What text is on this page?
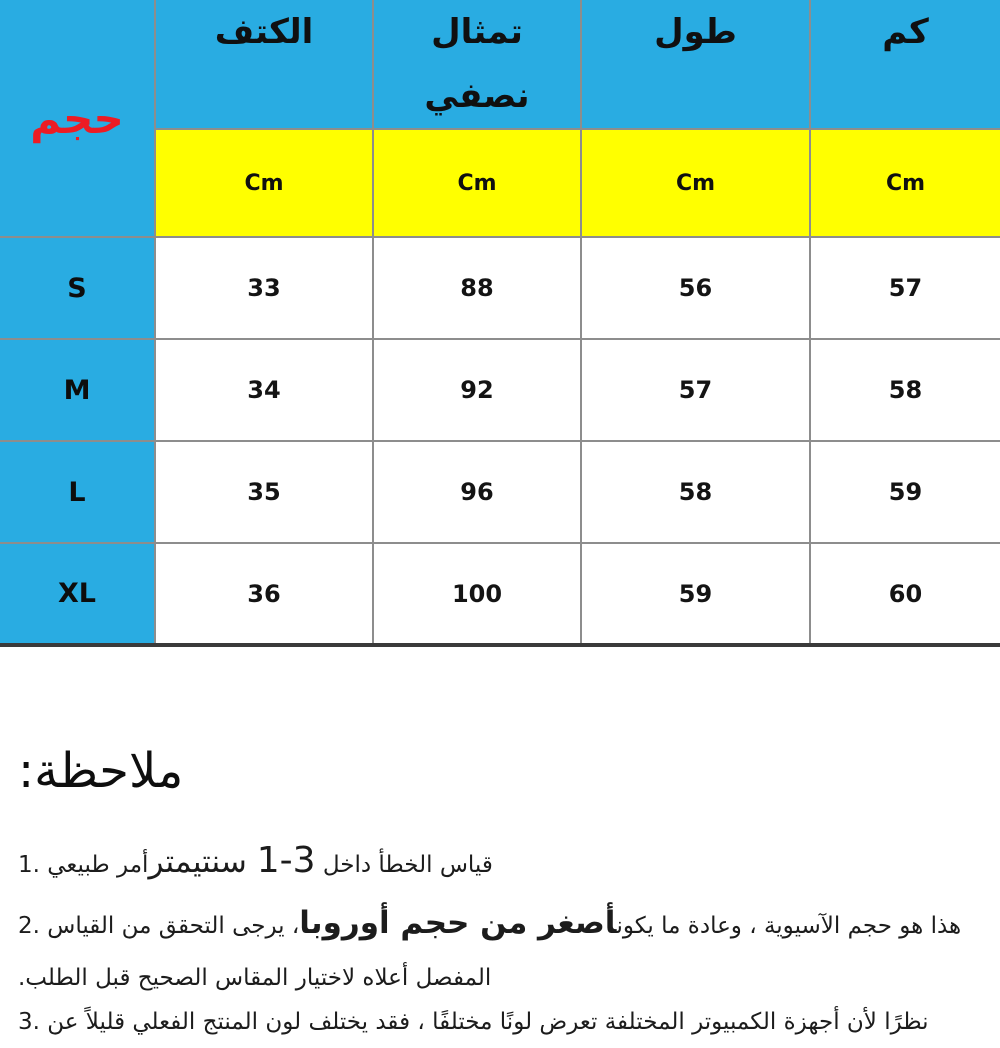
حجم	الكتف	تمثال نصفي	طول	كم
	Cm	Cm	Cm	Cm
S	33	88	56	57
M	34	92	57	58
L	35	96	58	59
XL	36	100	59	60
ملاحظة:
قياس الخطأ داخل 3-1 سنتيمترأمر طبيعي .1
هذا هو حجم الآسيوية ، وعادة ما يكونأصغر من حجم أوروبا، يرجى التحقق من القياس .2
المفصل أعلاه لاختيار المقاس الصحيح قبل الطلب.
نظرًا لأن أجهزة الكمبيوتر المختلفة تعرض لونًا مختلفًا ، فقد يختلف لون المنتج الفعلي قليلاً عن .3
